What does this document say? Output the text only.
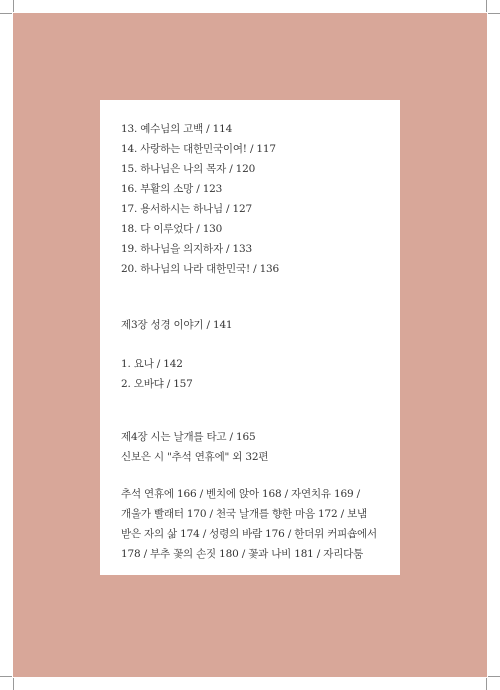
13. 예수님의 고백 / 114
14. 사랑하는 대한민국이여! / 117
15. 하나님은 나의 목자 / 120
16. 부활의 소망 / 123
17. 용서하시는 하나님 / 127
18. 다 이루었다 / 130
19. 하나님을 의지하자 / 133
20. 하나님의 나라 대한민국! / 136
제3장 성경 이야기 / 141
1. 요나 / 142
2. 오바댜 / 157
제4장 시는 날개를 타고 / 165
신보은 시 "추석 연휴에" 외 32편
추석 연휴에 166 / 벤치에 앉아 168 / 자연치유 169 /
개울가 빨래터 170 / 천국 날개를 향한 마음 172 / 보냄
받은 자의 삶 174 / 성령의 바람 176 / 한더위 커피숍에서
178 / 부추 꽃의 손짓 180 / 꽃과 나비 181 / 자리다툼
